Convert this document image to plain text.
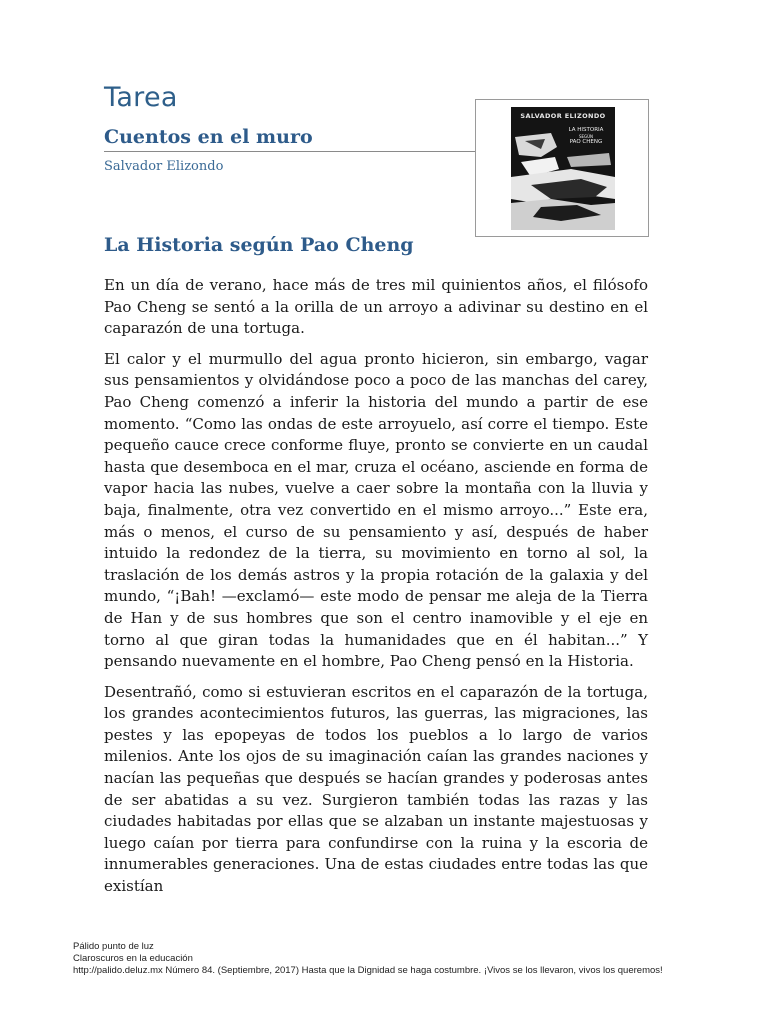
Tarea
Cuentos en el muro
Salvador Elizondo
SALVADOR ELIZONDO
LA HISTORIA
SEGÚN
PAO CHENG
La Historia según Pao Cheng

En un día de verano, hace más de tres mil quinientos años, el filósofo Pao Cheng se sentó a la orilla de un arroyo a adivinar su destino en el caparazón de una tortuga.

El calor y el murmullo del agua pronto hicieron, sin embargo, vagar sus pensamientos y olvidándose poco a poco de las manchas del carey, Pao Cheng comenzó a inferir la historia del mundo a partir de ese momento. “Como las ondas de este arroyuelo, así corre el tiempo. Este pequeño cauce crece conforme fluye, pronto se convierte en un caudal hasta que desemboca en el mar, cruza el océano, asciende en forma de vapor hacia las nubes, vuelve a caer sobre la montaña con la lluvia y baja, finalmente, otra vez convertido en el mismo arroyo...” Este era, más o menos, el curso de su pensamiento y así, después de haber intuido la redondez de la tierra, su movimiento en torno al sol, la traslación de los demás astros y la propia rotación de la galaxia y del mundo, “¡Bah! —exclamó— este modo de pensar me aleja de la Tierra de Han y de sus hombres que son el centro inamovible y el eje en torno al que giran todas la humanidades que en él habitan...” Y pensando nuevamente en el hombre, Pao Cheng pensó en la Historia.

Desentrañó, como si estuvieran escritos en el caparazón de la tortuga, los grandes acontecimientos futuros, las guerras, las migraciones, las pestes y las epopeyas de todos los pueblos a lo largo de varios milenios. Ante los ojos de su imaginación caían las grandes naciones y nacían las pequeñas que después se hacían grandes y poderosas antes de ser abatidas a su vez. Surgieron también todas las razas y las ciudades habitadas por ellas que se alzaban un instante majestuosas y luego caían por tierra para confundirse con la ruina y la escoria de innumerables generaciones. Una de estas ciudades entre todas las que existían

Pálido punto de luz
Claroscuros en la educación
http://palido.deluz.mx Número 84. (Septiembre, 2017) Hasta que la Dignidad se haga costumbre. ¡Vivos se los llevaron, vivos los queremos!
